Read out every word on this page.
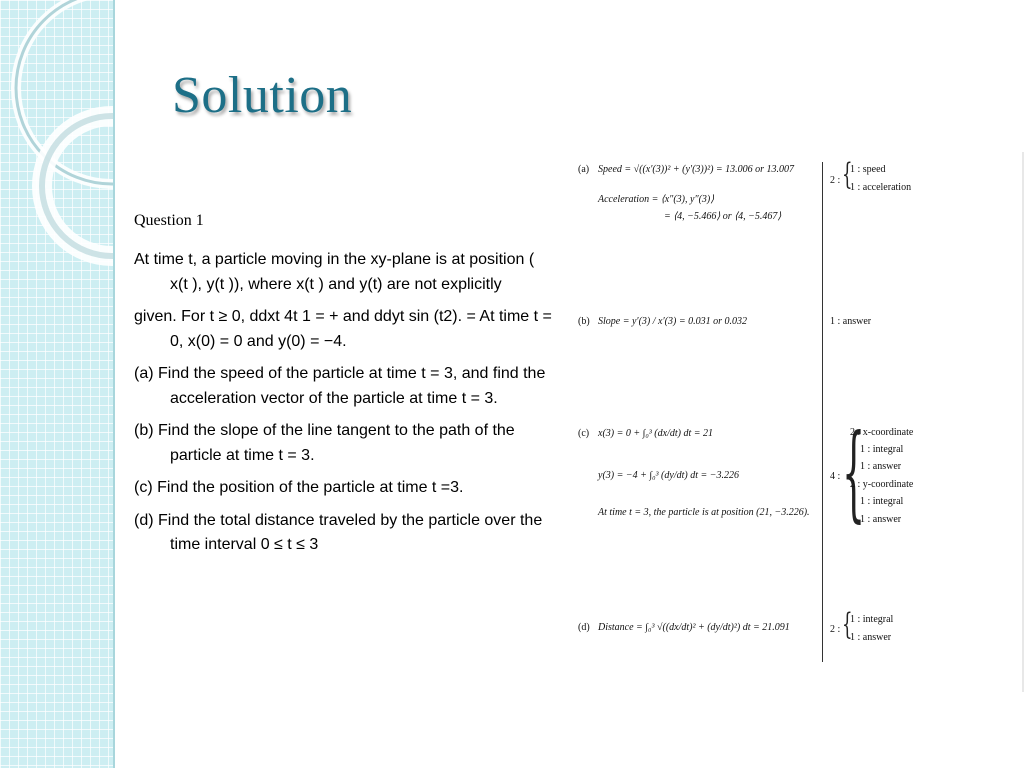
Solution
Question 1

At time t, a particle moving in the xy-plane is at position ( x(t ), y(t )), where x(t ) and y(t) are not explicitly

given. For t ≥ 0, ddxt 4t 1 = + and ddyt sin (t2). = At time t = 0, x(0) = 0 and y(0) = −4.

(a) Find the speed of the particle at time t = 3, and find the acceleration vector of the particle at time t = 3.

(b) Find the slope of the line tangent to the path of the particle at time t = 3.

(c) Find the position of the particle at time t =3.

(d) Find the total distance traveled by the particle over the time interval 0 ≤ t ≤ 3

(a) Speed = √((x′(3))² + (y′(3))²) = 13.006 or 13.007
Acceleration = ⟨x″(3), y″(3)⟩
= ⟨4, −5.466⟩ or ⟨4, −5.467⟩
2 : {
1 : speed
1 : acceleration
(b) Slope = y′(3) / x′(3) = 0.031 or 0.032	1 : answer
(c) x(3) = 0 + ∫₀³ (dx/dt) dt = 21
y(3) = −4 + ∫₀³ (dy/dt) dt = −3.226
At time t = 3, the particle is at position (21, −3.226).
4 : {
2 : x-coordinate
1 : integral
1 : answer
2 : y-coordinate
1 : integral
1 : answer
(d) Distance = ∫₀³ √((dx/dt)² + (dy/dt)²) dt = 21.091	2 : {
1 : integral
1 : answer
